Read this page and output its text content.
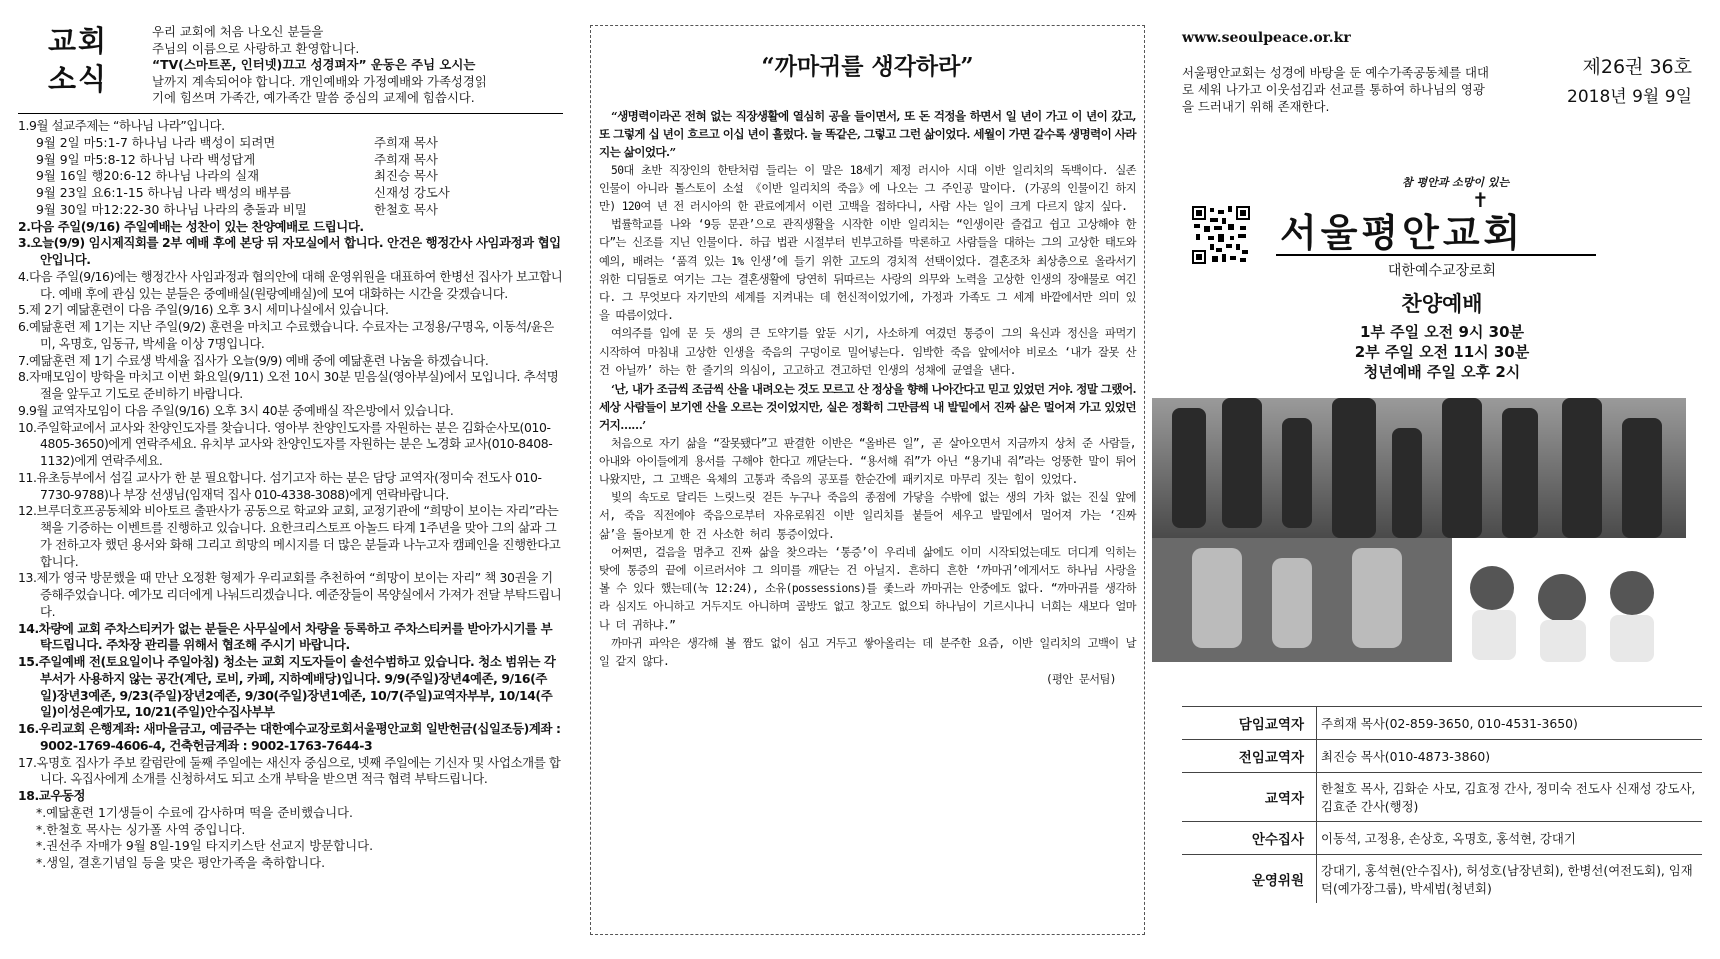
교회
소식
우리 교회에 처음 나오신 분들을
주님의 이름으로 사랑하고 환영합니다.
“TV(스마트폰, 인터넷)끄고 성경펴자” 운동은 주님 오시는
날까지 계속되어야 합니다. 개인예배와 가정예배와 가족성경읽
기에 힘쓰며 가족간, 예가족간 말씀 중심의 교제에 힘씁시다.

1.9월 설교주제는 “하나님 나라”입니다.

9월 2일 마5:1-7 하나님 나라 백성이 되려면	주희재 목사
9월 9일 마5:8-12 하나님 나라 백성답게	주희재 목사
9월 16일 행20:6-12 하나님 나라의 실재	최진승 목사
9월 23일 요6:1-15 하나님 나라 백성의 배부름	신재성 강도사
9월 30일 마12:22-30 하나님 나라의 충돌과 비밀	한철호 목사

2.다음 주일(9/16) 주일예배는 성찬이 있는 찬양예배로 드립니다.

3.오늘(9/9) 임시제직회를 2부 예배 후에 본당 뒤 자모실에서 합니다. 안건은 행정간사 사임과정과 협입안입니다.

4.다음 주일(9/16)에는 행정간사 사임과정과 협의안에 대해 운영위원을 대표하여 한병선 집사가 보고합니다. 예배 후에 관심 있는 분들은 중예배실(원랑예배실)에 모여 대화하는 시간을 갖겠습니다.

5.제 2기 예닮훈련이 다음 주일(9/16) 오후 3시 세미나실에서 있습니다.

6.예닮훈련 제 1기는 지난 주일(9/2) 훈련을 마치고 수료했습니다. 수료자는 고정용/구명옥, 이동석/윤은미, 옥명호, 임동규, 박세율 이상 7명입니다.

7.예닮훈련 제 1기 수료생 박세율 집사가 오늘(9/9) 예배 중에 예닮훈련 나눔을 하겠습니다.

8.자매모임이 방학을 마치고 이번 화요일(9/11) 오전 10시 30분 믿음실(영아부실)에서 모입니다. 추석명절을 앞두고 기도로 준비하기 바랍니다.

9.9월 교역자모임이 다음 주일(9/16) 오후 3시 40분 중예배실 작은방에서 있습니다.

10.주일학교에서 교사와 찬양인도자를 찾습니다. 영아부 찬양인도자를 자원하는 분은 김화순사모(010-4805-3650)에게 연락주세요. 유치부 교사와 찬양인도자를 자원하는 분은 노경화 교사(010-8408-1132)에게 연락주세요.

11.유초등부에서 섬길 교사가 한 분 필요합니다. 섬기고자 하는 분은 담당 교역자(정미숙 전도사 010-7730-9788)나 부장 선생님(임재덕 집사 010-4338-3088)에게 연락바랍니다.

12.브루더호프공동체와 비아토르 출판사가 공동으로 학교와 교회, 교정기관에 “희망이 보이는 자리”라는 책을 기증하는 이벤트를 진행하고 있습니다. 요한크리스토프 아놀드 타계 1주년을 맞아 그의 삶과 그가 전하고자 했던 용서와 화해 그리고 희망의 메시지를 더 많은 분들과 나누고자 캠페인을 진행한다고 합니다.

13.제가 영국 방문했을 때 만난 오정환 형제가 우리교회를 추천하여 “희망이 보이는 자리” 책 30권을 기증해주었습니다. 예가모 리더에게 나눠드리겠습니다. 예준장들이 목양실에서 가져가 전달 부탁드립니다.

14.차량에 교회 주차스티커가 없는 분들은 사무실에서 차량을 등록하고 주차스티커를 받아가시기를 부탁드립니다. 주차장 관리를 위해서 협조해 주시기 바랍니다.

15.주일예배 전(토요일이나 주일아침) 청소는 교회 지도자들이 솔선수범하고 있습니다. 청소 범위는 각 부서가 사용하지 않는 공간(계단, 로비, 카페, 지하예배당)입니다. 9/9(주일)장년4예존, 9/16(주일)장년3예존, 9/23(주일)장년2예존, 9/30(주일)장년1예존, 10/7(주일)교역자부부, 10/14(주일)이성은예가모, 10/21(주일)안수집사부부

16.우리교회 은행계좌: 새마을금고, 예금주는 대한예수교장로회서울평안교회 일반헌금(십일조등)계좌 : 9002-1769-4606-4, 건축헌금계좌 : 9002-1763-7644-3

17.옥명호 집사가 주보 칼럼란에 둘째 주일에는 새신자 중심으로, 넷째 주일에는 기신자 및 사업소개를 합니다. 옥집사에게 소개를 신청하셔도 되고 소개 부탁을 받으면 적극 협력 부탁드립니다.

18.교우동정

*.예닮훈련 1기생들이 수료에 감사하며 떡을 준비했습니다.
*.한철호 목사는 싱가폴 사역 중입니다.
*.권선주 자매가 9월 8일-19일 타지키스탄 선교지 방문합니다.
*.생일, 결혼기념일 등을 맞은 평안가족을 축하합니다.
“까마귀를 생각하라”

“생명력이라곤 전혀 없는 직장생활에 열심히 공을 들이면서, 또 돈 걱정을 하면서 일 년이 가고 이 년이 갔고, 또 그렇게 십 년이 흐르고 이십 년이 흘렀다. 늘 똑같은, 그렇고 그런 삶이었다. 세월이 가면 갈수록 생명력이 사라지는 삶이었다.”

50대 초반 직장인의 한탄처럼 들리는 이 말은 18세기 제정 러시아 시대 이반 일리치의 독백이다. 실존 인물이 아니라 톨스토이 소설 《이반 일리치의 죽음》에 나오는 그 주인공 말이다. (가공의 인물이긴 하지만) 120여 년 전 러시아의 한 관료에게서 이런 고백을 접하다니, 사람 사는 일이 크게 다르지 않지 싶다.

법률학교를 나와 ‘9등 문관’으로 관직생활을 시작한 이반 일리치는 “인생이란 즐겁고 쉽고 고상해야 한다”는 신조를 지닌 인물이다. 하급 법관 시절부터 빈부고하를 막론하고 사람들을 대하는 그의 고상한 태도와 예의, 배려는 ‘품격 있는 1% 인생’에 들기 위한 고도의 경치적 선택이었다. 결혼조차 최상층으로 올라서기 위한 디딤돌로 여기는 그는 결혼생활에 당연히 뒤따르는 사랑의 의무와 노력을 고상한 인생의 장애물로 여긴다. 그 무엇보다 자기만의 세계를 지켜내는 데 헌신적이었기에, 가정과 가족도 그 세계 바깥에서만 의미 있을 따름이었다.

여의주를 입에 문 듯 생의 큰 도약기를 앞둔 시기, 사소하게 여겼던 통증이 그의 육신과 정신을 파먹기 시작하여 마침내 고상한 인생을 죽음의 구덩이로 밀어넣는다. 임박한 죽음 앞에서야 비로소 ‘내가 잘못 산 건 아닐까’ 하는 한 줄기의 의심이, 고고하고 견고하던 인생의 성채에 균열을 낸다.

‘난, 내가 조금씩 조금씩 산을 내려오는 것도 모르고 산 정상을 향해 나아간다고 믿고 있었던 거야. 정말 그랬어. 세상 사람들이 보기엔 산을 오르는 것이었지만, 실은 정확히 그만큼씩 내 발밑에서 진짜 삶은 멀어져 가고 있었던 거지……’

처음으로 자기 삶을 “잘못됐다”고 판결한 이반은 “올바른 일”, 곧 살아오면서 지금까지 상처 준 사람들, 아내와 아이들에게 용서를 구해야 한다고 깨닫는다. “용서해 줘”가 아닌 “용기내 줘”라는 엉뚱한 말이 튀어나왔지만, 그 고백은 육체의 고통과 죽음의 공포를 한순간에 패키지로 마무리 짓는 힘이 있었다.

빛의 속도로 달리든 느릿느릿 걷든 누구나 죽음의 종점에 가닿을 수밖에 없는 생의 가차 없는 진실 앞에서, 죽음 직전에야 죽음으로부터 자유로워진 이반 일리치를 붙들어 세우고 발밑에서 멀어져 가는 ‘진짜 삶’을 돌아보게 한 건 사소한 허리 통증이었다.

어쩌면, 걸음을 멈추고 진짜 삶을 찾으라는 ‘통증’이 우리네 삶에도 이미 시작되었는데도 더디게 익히는 탓에 통증의 끝에 이르러서야 그 의미를 깨닫는 건 아닐지. 흔하디 흔한 ‘까마귀’에게서도 하나님 사랑을 볼 수 있다 했는데(눅 12:24), 소유(possessions)를 좇느라 까마귀는 안중에도 없다. “까마귀를 생각하라 심지도 아니하고 거두지도 아니하며 골방도 없고 창고도 없으되 하나님이 기르시나니 너희는 새보다 얼마나 더 귀하냐.”

까마귀 파악은 생각해 볼 짬도 없이 심고 거두고 쌓아올리는 데 분주한 요즘, 이반 일리치의 고백이 날 일 같지 않다.

(평안 문서팀)
www.seoulpeace.or.kr
서울평안교회는 성경에 바탕을 둔 예수가족공동체를 대대로 세워 나가고 이웃섬김과 선교를 통하여 하나님의 영광을 드러내기 위해 존재한다.
제26권 36호
2018년 9월 9일
참 평안과 소망이 있는
✝
서울평안교회
대한예수교장로회
찬양예배
1부 주일 오전 9시 30분
2부 주일 오전 11시 30분
청년예배 주일 오후 2시
담임교역자	주희재 목사(02-859-3650, 010-4531-3650)
전임교역자	최진승 목사(010-4873-3860)
교역자	한철호 목사, 김화순 사모, 김효정 간사, 정미숙 전도사 신재성 강도사, 김효준 간사(행정)
안수집사	이동석, 고정용, 손상호, 옥명호, 홍석현, 강대기
운영위원	강대기, 홍석현(안수집사), 허성호(남장년회), 한병선(여전도회), 임재덕(예가장그룹), 박세범(청년회)
